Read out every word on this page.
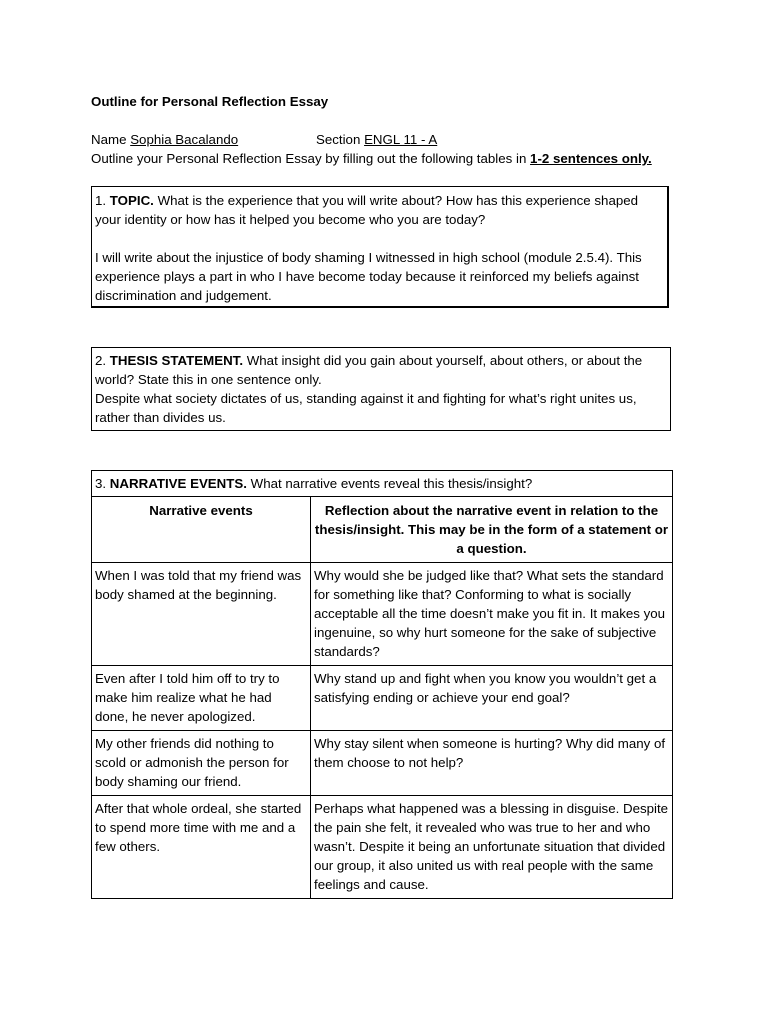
Outline for Personal Reflection Essay
Name Sophia Bacalando	Section ENGL 11 - A
Outline your Personal Reflection Essay by filling out the following tables in 1-2 sentences only.
1. TOPIC. What is the experience that you will write about? How has this experience shaped your identity or how has it helped you become who you are today?
I will write about the injustice of body shaming I witnessed in high school (module 2.5.4). This experience plays a part in who I have become today because it reinforced my beliefs against discrimination and judgement.
2. THESIS STATEMENT. What insight did you gain about yourself, about others, or about the world? State this in one sentence only.
Despite what society dictates of us, standing against it and fighting for what’s right unites us, rather than divides us.
3. NARRATIVE EVENTS. What narrative events reveal this thesis/insight?	
Narrative events	Reflection about the narrative event in relation to the thesis/insight. This may be in the form of a statement or a question.
When I was told that my friend was body shamed at the beginning.	Why would she be judged like that? What sets the standard for something like that? Conforming to what is socially acceptable all the time doesn’t make you fit in. It makes you ingenuine, so why hurt someone for the sake of subjective standards?
Even after I told him off to try to make him realize what he had done, he never apologized.	Why stand up and fight when you know you wouldn’t get a satisfying ending or achieve your end goal?
My other friends did nothing to scold or admonish the person for body shaming our friend.	Why stay silent when someone is hurting? Why did many of them choose to not help?
After that whole ordeal, she started to spend more time with me and a few others.	Perhaps what happened was a blessing in disguise. Despite the pain she felt, it revealed who was true to her and who wasn’t. Despite it being an unfortunate situation that divided our group, it also united us with real people with the same feelings and cause.
